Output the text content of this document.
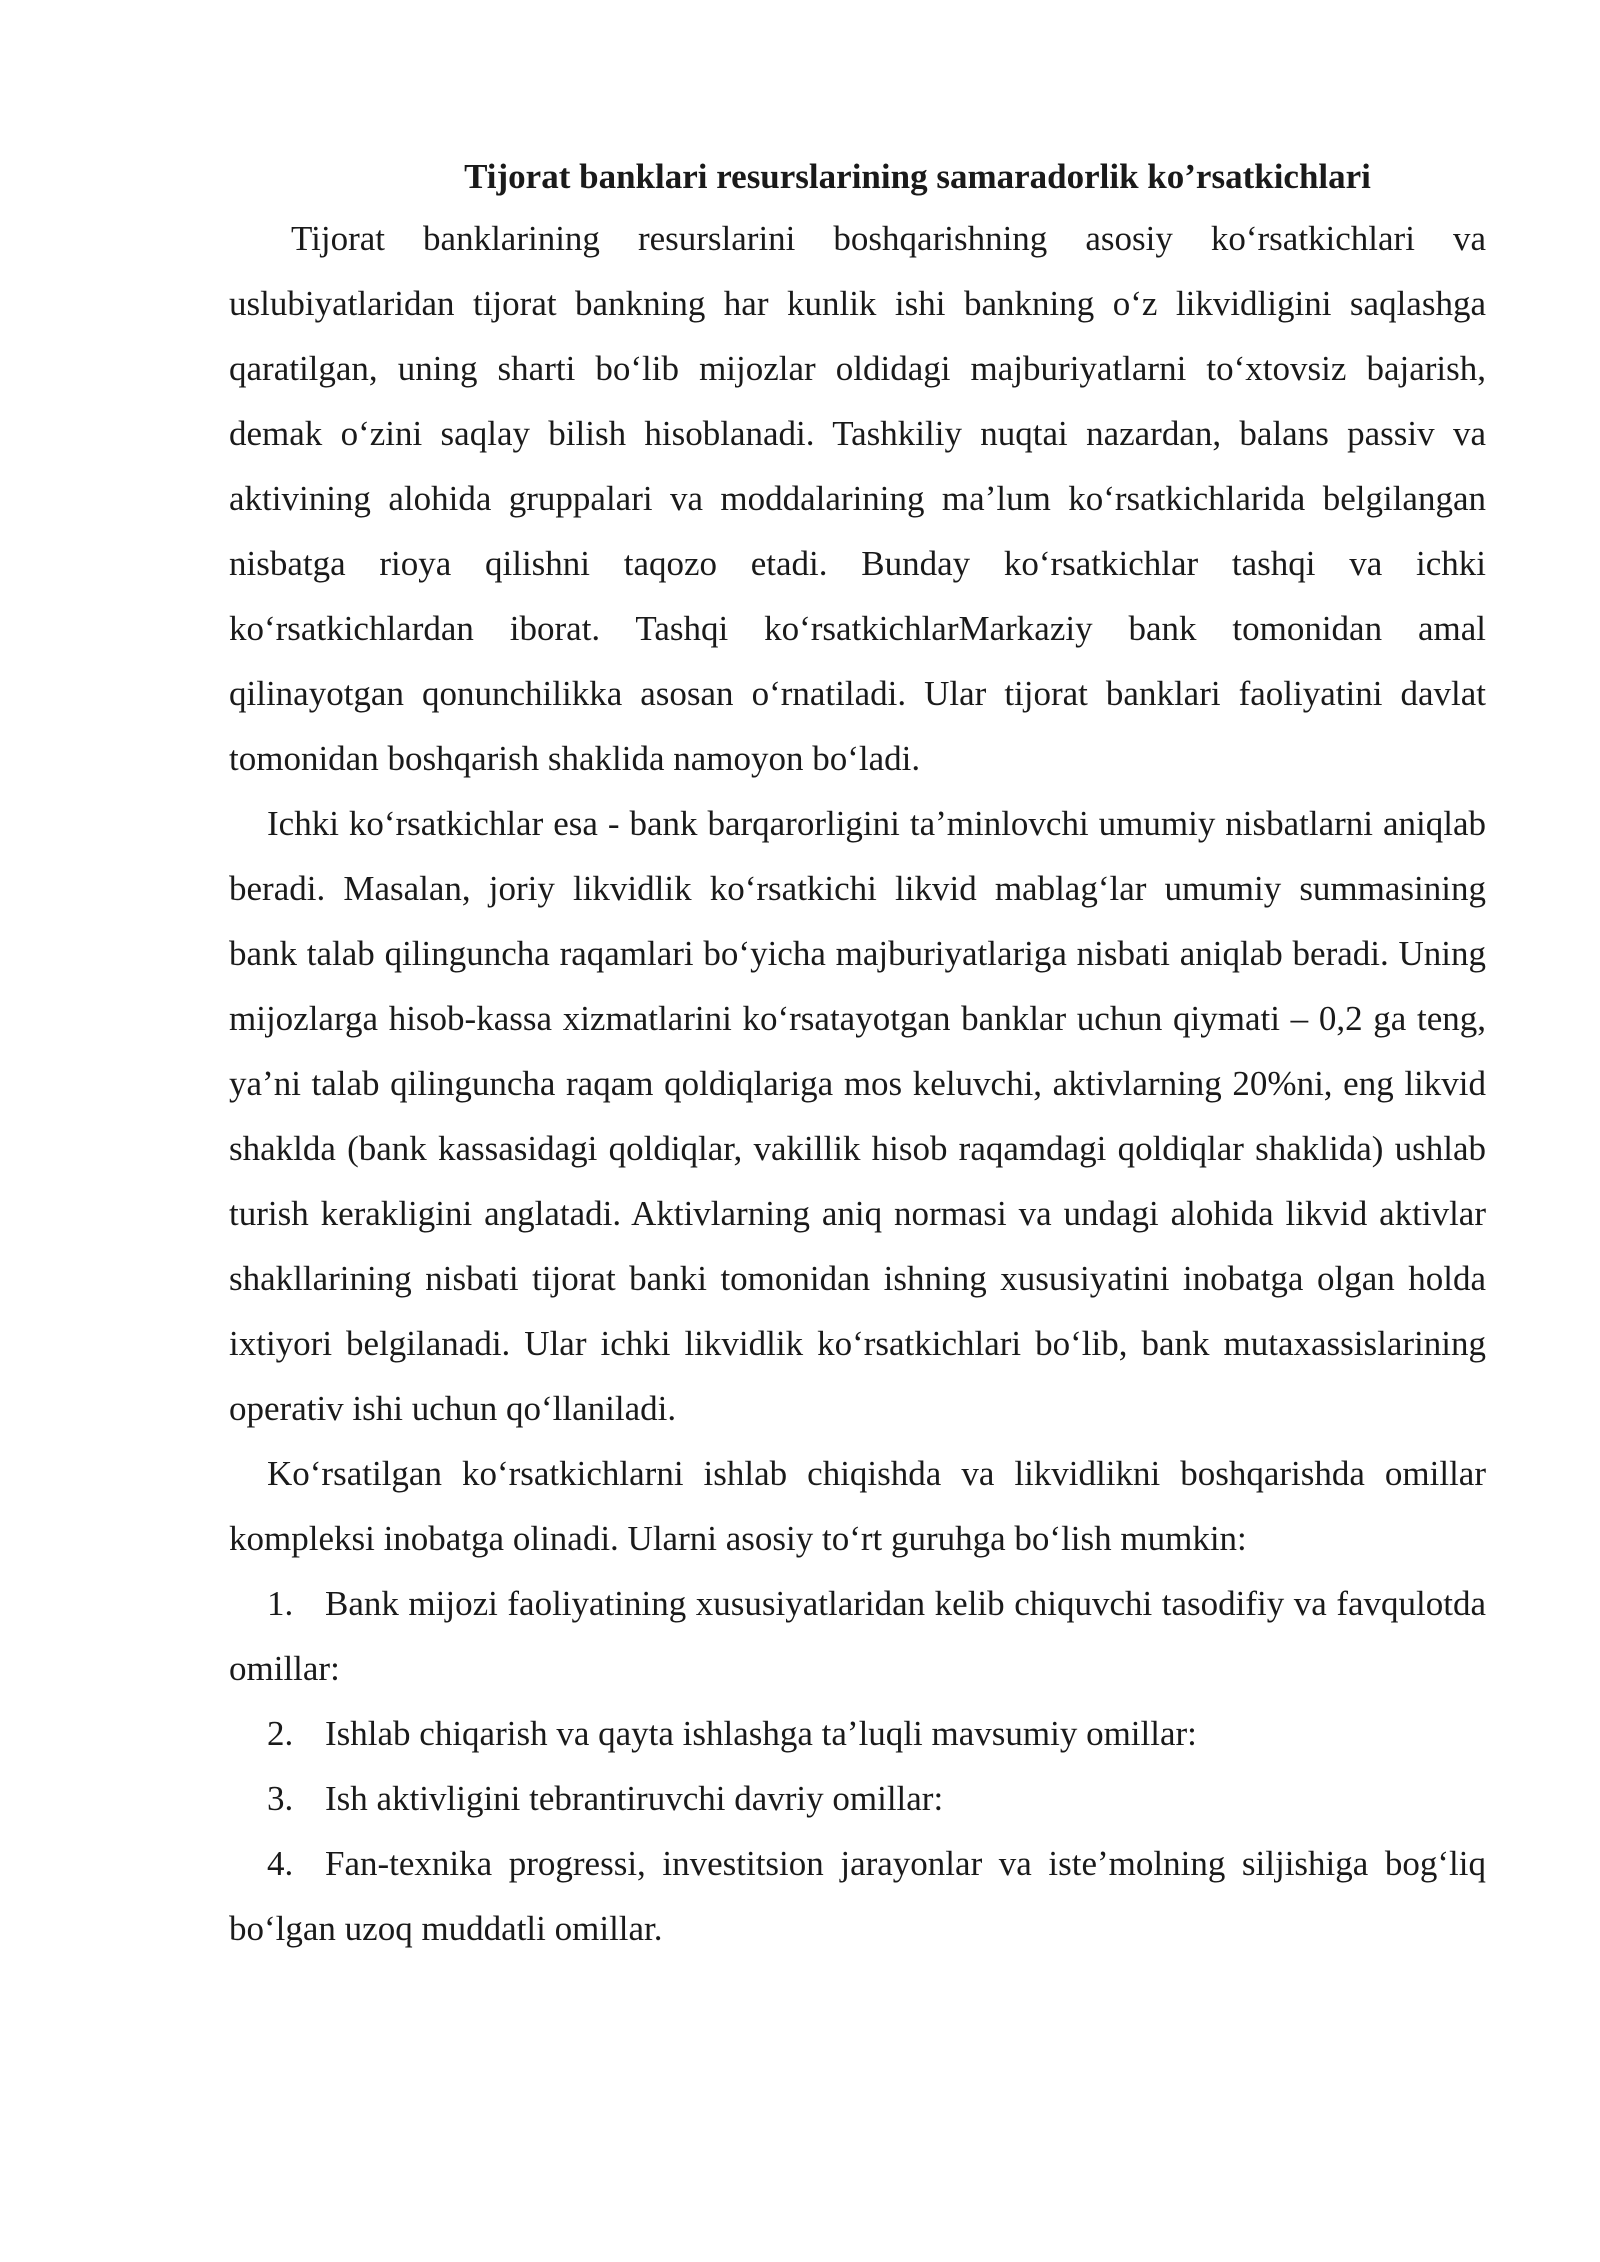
Tijorat banklari resurslarining samaradorlik ko’rsatkichlari

Tijorat banklarining resurslarini boshqarishning asosiy koʻrsatkichlari va uslubiyatlaridan tijorat bankning har kunlik ishi bankning oʻz likvidligini saqlashga qaratilgan, uning sharti boʻlib mijozlar oldidagi majburiyatlarni toʻxtovsiz bajarish, demak oʻzini saqlay bilish hisoblanadi. Tashkiliy nuqtai nazardan, balans passiv va aktivining alohida gruppalari va moddalarining maʼlum koʻrsatkichlarida belgilangan nisbatga rioya qilishni taqozo etadi. Bunday koʻrsatkichlar tashqi va ichki koʻrsatkichlardan iborat. Tashqi koʻrsatkichlarMarkaziy bank tomonidan amal qilinayotgan qonunchilikka asosan oʻrnatiladi. Ular tijorat banklari faoliyatini davlat tomonidan boshqarish shaklida namoyon boʻladi.

Ichki koʻrsatkichlar esa - bank barqarorligini taʼminlovchi umumiy nisbatlarni aniqlab beradi. Masalan, joriy likvidlik koʻrsatkichi likvid mablagʻlar umumiy summasining bank talab qilinguncha raqamlari boʻyicha majburiyatlariga nisbati aniqlab beradi. Uning mijozlarga hisob-kassa xizmatlarini koʻrsatayotgan banklar uchun qiymati – 0,2 ga teng, yaʼni talab qilinguncha raqam qoldiqlariga mos keluvchi, aktivlarning 20%ni, eng likvid shaklda (bank kassasidagi qoldiqlar, vakillik hisob raqamdagi qoldiqlar shaklida) ushlab turish kerakligini anglatadi. Aktivlarning aniq normasi va undagi alohida likvid aktivlar shakllarining nisbati tijorat banki tomonidan ishning xususiyatini inobatga olgan holda ixtiyori belgilanadi. Ular ichki likvidlik koʻrsatkichlari boʻlib, bank mutaxassislarining operativ ishi uchun qoʻllaniladi.

Koʻrsatilgan koʻrsatkichlarni ishlab chiqishda va likvidlikni boshqarishda omillar kompleksi inobatga olinadi. Ularni asosiy toʻrt guruhga boʻlish mumkin:

1. Bank mijozi faoliyatining xususiyatlaridan kelib chiquvchi tasodifiy va favqulotda omillar:
2. Ishlab chiqarish va qayta ishlashga taʼluqli mavsumiy omillar:
3. Ish aktivligini tebrantiruvchi davriy omillar:
4. Fan-texnika progressi, investitsion jarayonlar va isteʼmolning siljishiga bogʻliq boʻlgan uzoq muddatli omillar.
